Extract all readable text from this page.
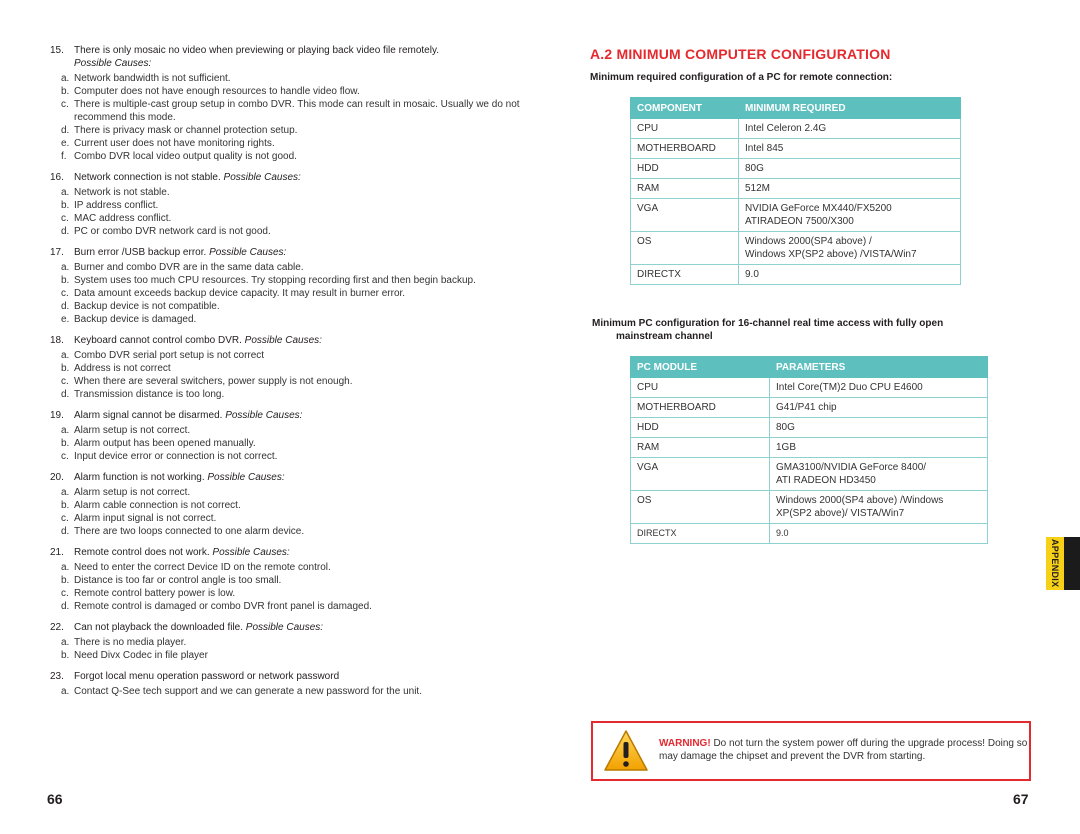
15.	There is only mosaic no video when previewing or playing back video file remotely.
Possible Causes:
a. Network bandwidth is not sufficient.
b. Computer does not have enough resources to handle video flow.
c. There is multiple-cast group setup in combo DVR. This mode can result in mosaic. Usually we do not recommend this mode.
d. There is privacy mask or channel protection setup.
e. Current user does not have monitoring rights.
f. Combo DVR local video output quality is not good.
16.	Network connection is not stable. Possible Causes:
a. Network is not stable.
b. IP address conflict.
c. MAC address conflict.
d. PC or combo DVR network card is not good.
17.	Burn error /USB backup error. Possible Causes:
a. Burner and combo DVR are in the same data cable.
b. System uses too much CPU resources. Try stopping recording first and then begin backup.
c. Data amount exceeds backup device capacity. It may result in burner error.
d. Backup device is not compatible.
e. Backup device is damaged.
18.	Keyboard cannot control combo DVR. Possible Causes:
a. Combo DVR serial port setup is not correct
b. Address is not correct
c. When there are several switchers, power supply is not enough.
d. Transmission distance is too long.
19.	Alarm signal cannot be disarmed. Possible Causes:
a. Alarm setup is not correct.
b. Alarm output has been opened manually.
c. Input device error or connection is not correct.
20.	Alarm function is not working. Possible Causes:
a. Alarm setup is not correct.
b. Alarm cable connection is not correct.
c. Alarm input signal is not correct.
d. There are two loops connected to one alarm device.
21.	Remote control does not work. Possible Causes:
a. Need to enter the correct Device ID on the remote control.
b. Distance is too far or control angle is too small.
c. Remote control battery power is low.
d. Remote control is damaged or combo DVR front panel is damaged.
22.	Can not playback the downloaded file. Possible Causes:
a. There is no media player.
b. Need Divx Codec in file player
23.	Forgot local menu operation password or network password
a. Contact Q-See tech support and we can generate a new password for the unit.
A.2 MINIMUM COMPUTER CONFIGURATION
Minimum required configuration of a PC for remote connection:
COMPONENT	MINIMUM REQUIRED
CPU	Intel Celeron 2.4G
MOTHERBOARD	Intel 845
HDD	80G
RAM	512M
VGA	NVIDIA GeForce MX440/FX5200
ATIRADEON 7500/X300
OS	Windows 2000(SP4 above) /
Windows XP(SP2 above) /VISTA/Win7
DIRECTX	9.0
Minimum PC configuration for 16-channel real time access with fully open
mainstream channel
PC MODULE	PARAMETERS
CPU	Intel Core(TM)2 Duo CPU E4600
MOTHERBOARD	G41/P41 chip
HDD	80G
RAM	1GB
VGA	GMA3100/NVIDIA GeForce 8400/
ATI RADEON HD3450
OS	Windows 2000(SP4 above) /Windows
XP(SP2 above)/ VISTA/Win7
DIRECTX	9.0
APPENDIX
WARNING! Do not turn the system power off during the upgrade process! Doing so may damage the chipset and prevent the DVR from starting.
66	67
